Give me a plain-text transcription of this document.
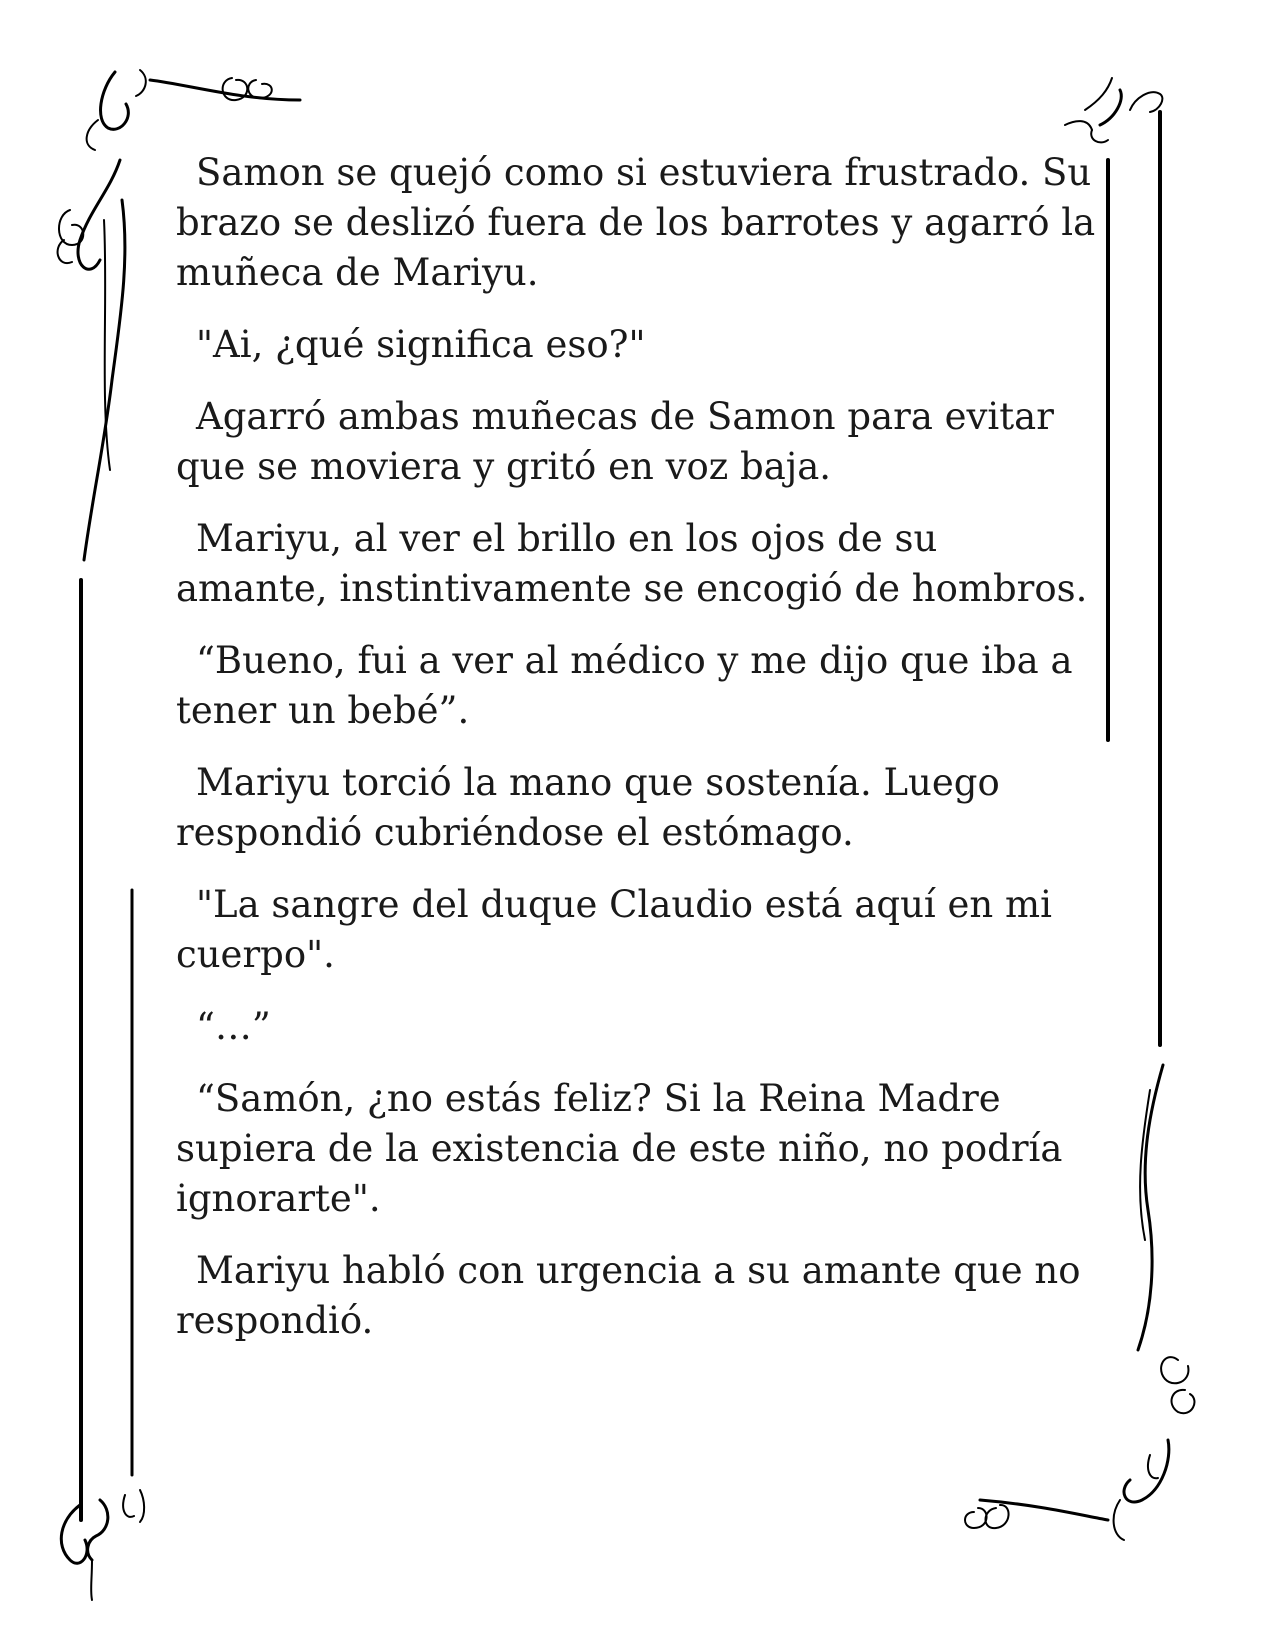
Samon se quejó como si estuviera frustrado. Su brazo se deslizó fuera de los barrotes y agarró la muñeca de Mariyu.

"Ai, ¿qué significa eso?"

Agarró ambas muñecas de Samon para evitar que se moviera y gritó en voz baja.

Mariyu, al ver el brillo en los ojos de su amante, instintivamente se encogió de hombros.

“Bueno, fui a ver al médico y me dijo que iba a tener un bebé”.

Mariyu torció la mano que sostenía. Luego respondió cubriéndose el estómago.

"La sangre del duque Claudio está aquí en mi cuerpo".

“…”

“Samón, ¿no estás feliz? Si la Reina Madre supiera de la existencia de este niño, no podría ignorarte".

Mariyu habló con urgencia a su amante que no respondió.
